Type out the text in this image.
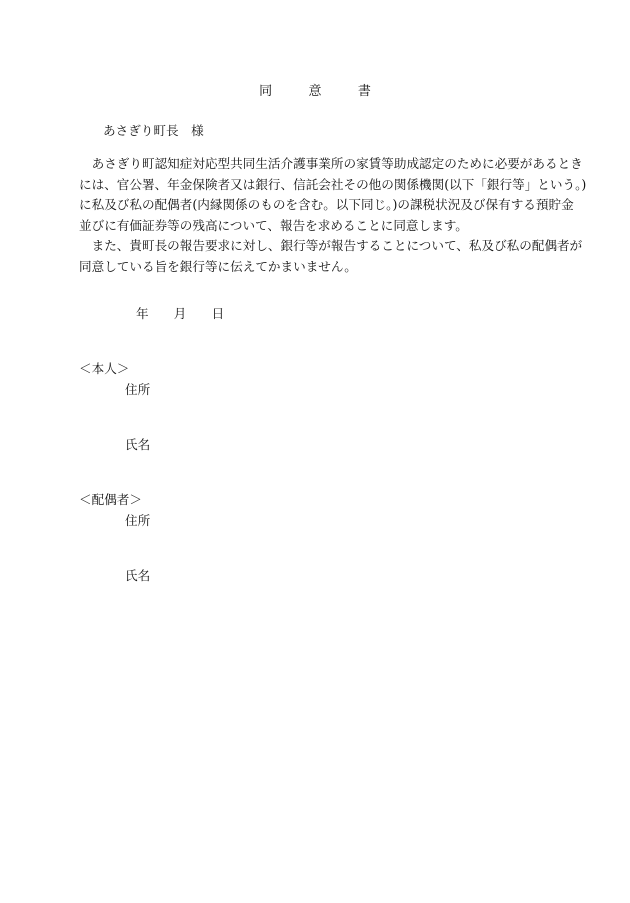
同　意　書
あさぎり町長　様

あさぎり町認知症対応型共同生活介護事業所の家賃等助成認定のために必要があるとき
には、官公署、年金保険者又は銀行、信託会社その他の関係機関(以下「銀行等」という。)
に私及び私の配偶者(内縁関係のものを含む。以下同じ。)の課税状況及び保有する預貯金
並びに有価証券等の残高について、報告を求めることに同意します。

また、貴町長の報告要求に対し、銀行等が報告することについて、私及び私の配偶者が
同意している旨を銀行等に伝えてかまいません。

年　　月　　日
＜本人＞
住所
氏名
＜配偶者＞
住所
氏名
